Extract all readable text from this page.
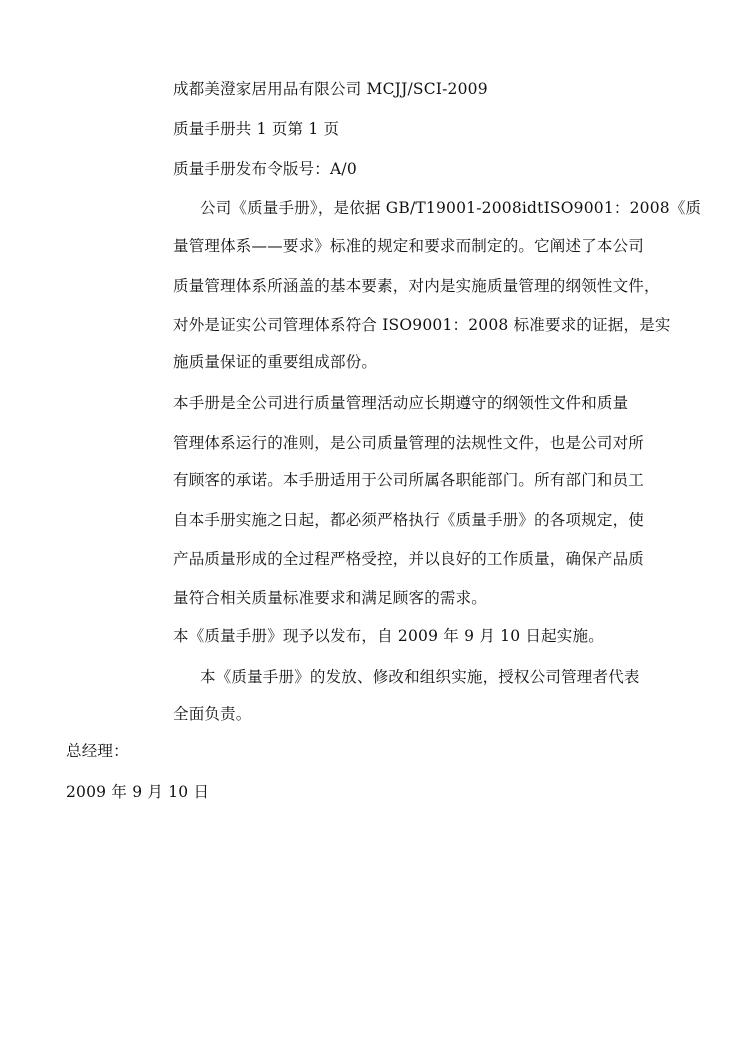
成都美澄家居用品有限公司 MCJJ/SCI-2009
质量手册共 1 页第 1 页
质量手册发布令版号：A/0
公司《质量手册》，是依据 GB/T19001-2008idtISO9001：2008《质
量管理体系——要求》标准的规定和要求而制定的。它阐述了本公司
质量管理体系所涵盖的基本要素，对内是实施质量管理的纲领性文件，
对外是证实公司管理体系符合 ISO9001：2008 标准要求的证据，是实
施质量保证的重要组成部份。
本手册是全公司进行质量管理活动应长期遵守的纲领性文件和质量
管理体系运行的准则，是公司质量管理的法规性文件，也是公司对所
有顾客的承诺。本手册适用于公司所属各职能部门。所有部门和员工
自本手册实施之日起，都必须严格执行《质量手册》的各项规定，使
产品质量形成的全过程严格受控，并以良好的工作质量，确保产品质
量符合相关质量标准要求和满足顾客的需求。
本《质量手册》现予以发布，自 2009 年 9 月 10 日起实施。
本《质量手册》的发放、修改和组织实施，授权公司管理者代表
全面负责。
总经理：
2009 年 9 月 10 日
